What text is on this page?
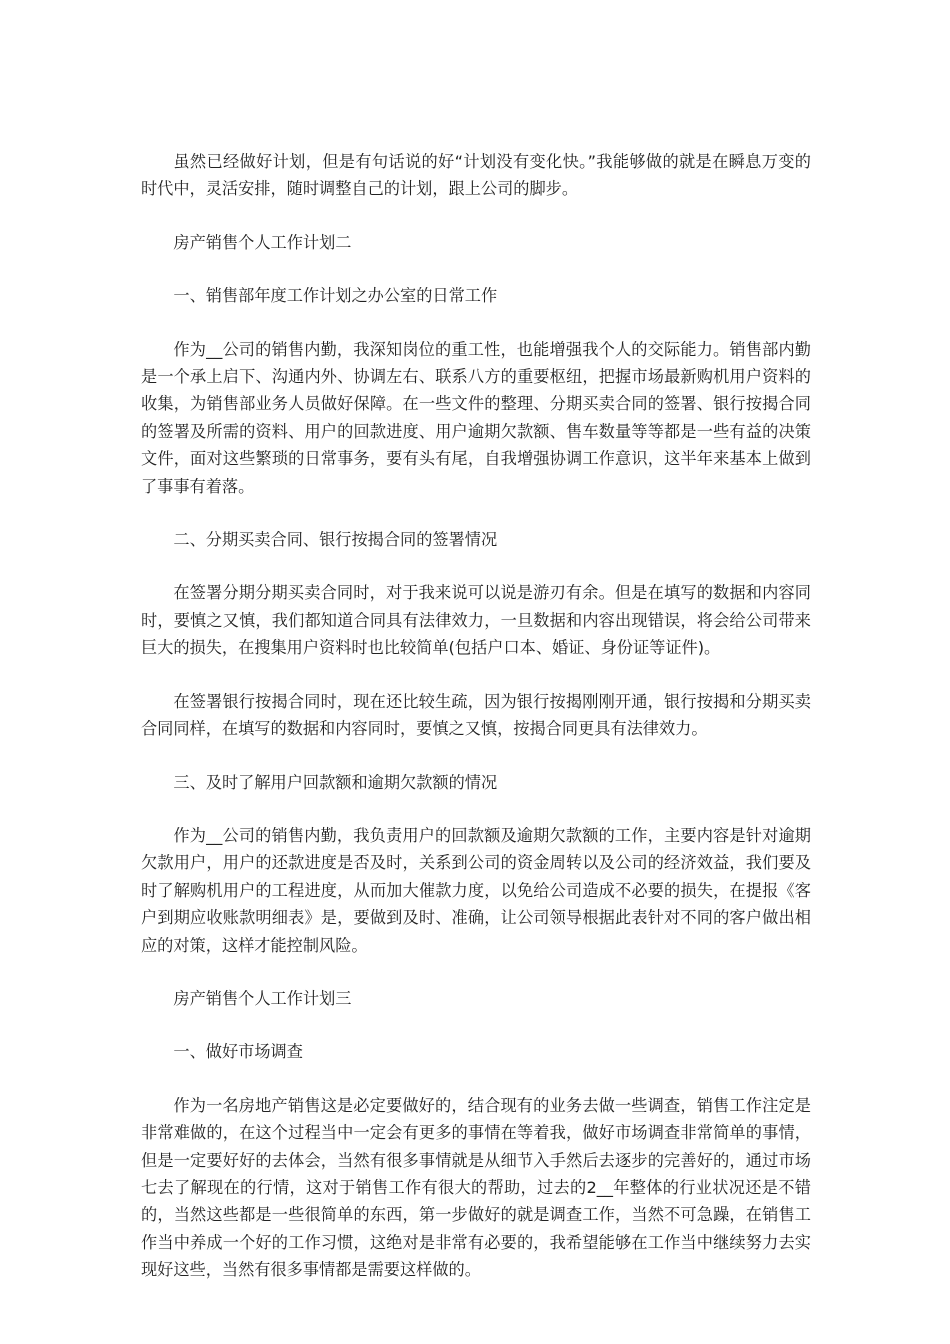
虽然已经做好计划，但是有句话说的好“计划没有变化快。”我能够做的就是在瞬息万变的时代中，灵活安排，随时调整自己的计划，跟上公司的脚步。

房产销售个人工作计划二

一、销售部年度工作计划之办公室的日常工作

作为__公司的销售内勤，我深知岗位的重工性，也能增强我个人的交际能力。销售部内勤是一个承上启下、沟通内外、协调左右、联系八方的重要枢纽，把握市场最新购机用户资料的收集，为销售部业务人员做好保障。在一些文件的整理、分期买卖合同的签署、银行按揭合同的签署及所需的资料、用户的回款进度、用户逾期欠款额、售车数量等等都是一些有益的决策文件，面对这些繁琐的日常事务，要有头有尾，自我增强协调工作意识，这半年来基本上做到了事事有着落。

二、分期买卖合同、银行按揭合同的签署情况

在签署分期分期买卖合同时，对于我来说可以说是游刃有余。但是在填写的数据和内容同时，要慎之又慎，我们都知道合同具有法律效力，一旦数据和内容出现错误，将会给公司带来巨大的损失，在搜集用户资料时也比较简单(包括户口本、婚证、身份证等证件)。

在签署银行按揭合同时，现在还比较生疏，因为银行按揭刚刚开通，银行按揭和分期买卖合同同样，在填写的数据和内容同时，要慎之又慎，按揭合同更具有法律效力。

三、及时了解用户回款额和逾期欠款额的情况

作为__公司的销售内勤，我负责用户的回款额及逾期欠款额的工作，主要内容是针对逾期欠款用户，用户的还款进度是否及时，关系到公司的资金周转以及公司的经济效益，我们要及时了解购机用户的工程进度，从而加大催款力度，以免给公司造成不必要的损失，在提报《客户到期应收账款明细表》是，要做到及时、准确，让公司领导根据此表针对不同的客户做出相应的对策，这样才能控制风险。

房产销售个人工作计划三

一、做好市场调查

作为一名房地产销售这是必定要做好的，结合现有的业务去做一些调查，销售工作注定是非常难做的，在这个过程当中一定会有更多的事情在等着我，做好市场调查非常简单的事情，但是一定要好好的去体会，当然有很多事情就是从细节入手然后去逐步的完善好的，通过市场七去了解现在的行情，这对于销售工作有很大的帮助，过去的2__年整体的行业状况还是不错的，当然这些都是一些很简单的东西，第一步做好的就是调查工作，当然不可急躁，在销售工作当中养成一个好的工作习惯，这绝对是非常有必要的，我希望能够在工作当中继续努力去实现好这些，当然有很多事情都是需要这样做的。
